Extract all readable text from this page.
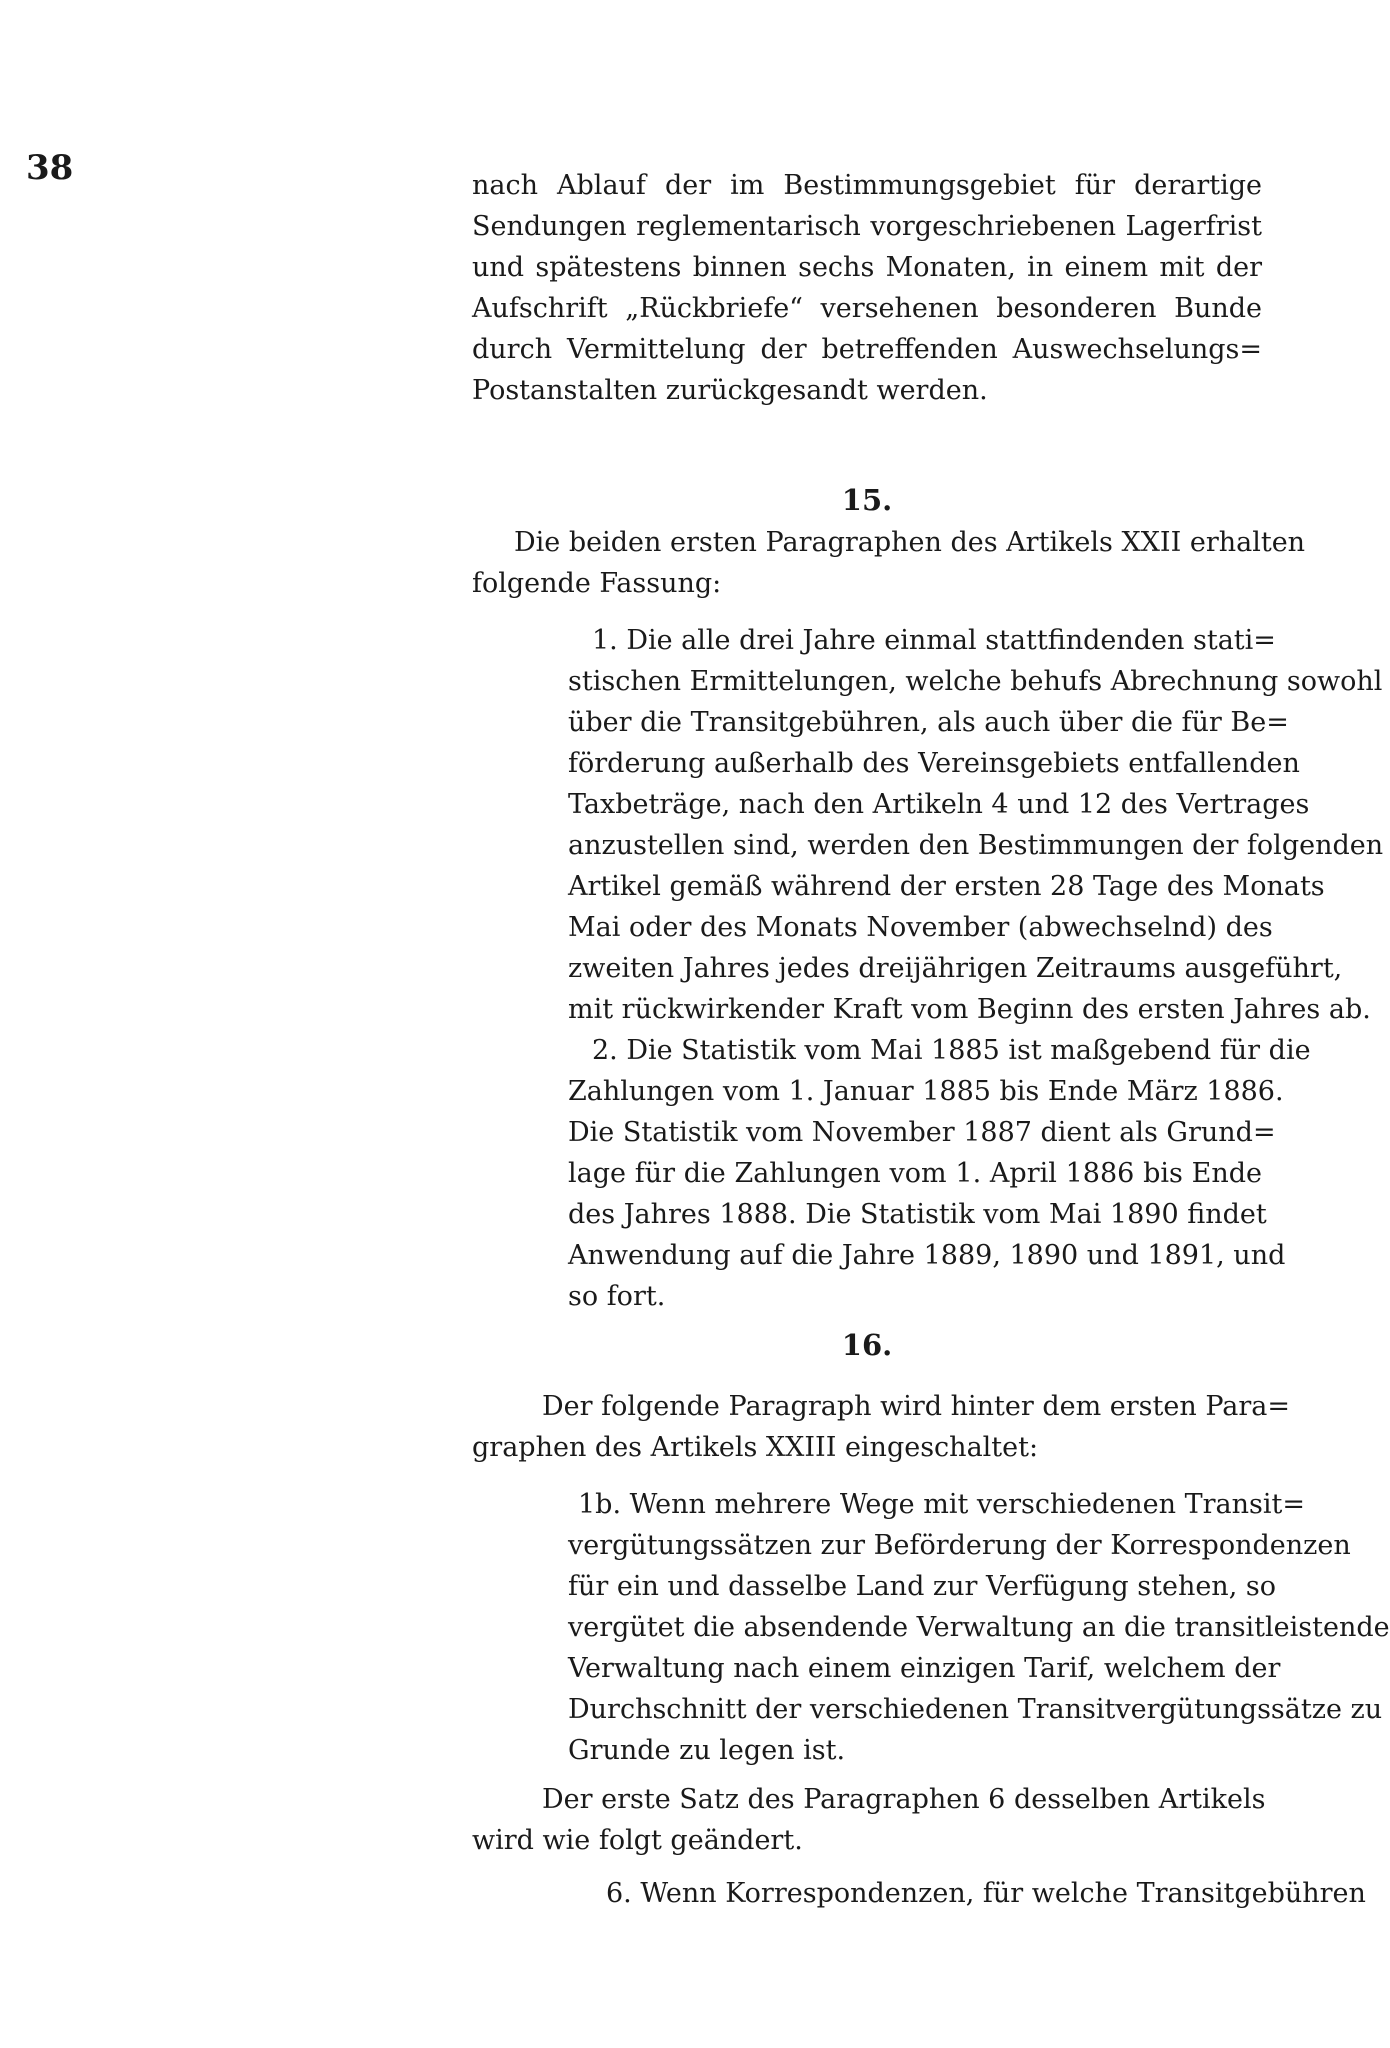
38	nach Ablauf der im Bestimmungsgebiet für derartige
Sendungen reglementarisch vorgeschriebenen Lagerfrist
und spätestens binnen sechs Monaten, in einem mit der
Aufschrift „Rückbriefe“ versehenen besonderen Bunde
durch Vermittelung der betreffenden Auswechselungs=
Postanstalten zurückgesandt werden.
15.
Die beiden ersten Paragraphen des Artikels XXII erhalten
folgende Fassung:
1. Die alle drei Jahre einmal stattfindenden stati=
stischen Ermittelungen, welche behufs Abrechnung sowohl
über die Transitgebühren, als auch über die für Be=
förderung außerhalb des Vereinsgebiets entfallenden
Taxbeträge, nach den Artikeln 4 und 12 des Vertrages
anzustellen sind, werden den Bestimmungen der folgenden
Artikel gemäß während der ersten 28 Tage des Monats
Mai oder des Monats November (abwechselnd) des
zweiten Jahres jedes dreijährigen Zeitraums ausgeführt,
mit rückwirkender Kraft vom Beginn des ersten Jahres ab.
2. Die Statistik vom Mai 1885 ist maßgebend für die
Zahlungen vom 1. Januar 1885 bis Ende März 1886.
Die Statistik vom November 1887 dient als Grund=
lage für die Zahlungen vom 1. April 1886 bis Ende
des Jahres 1888. Die Statistik vom Mai 1890 findet
Anwendung auf die Jahre 1889, 1890 und 1891, und
so fort.
16.
Der folgende Paragraph wird hinter dem ersten Para=
graphen des Artikels XXIII eingeschaltet:
1b. Wenn mehrere Wege mit verschiedenen Transit=
vergütungssätzen zur Beförderung der Korrespondenzen
für ein und dasselbe Land zur Verfügung stehen, so
vergütet die absendende Verwaltung an die transitleistende
Verwaltung nach einem einzigen Tarif, welchem der
Durchschnitt der verschiedenen Transitvergütungssätze zu
Grunde zu legen ist.
Der erste Satz des Paragraphen 6 desselben Artikels
wird wie folgt geändert.
6. Wenn Korrespondenzen, für welche Transitgebühren
